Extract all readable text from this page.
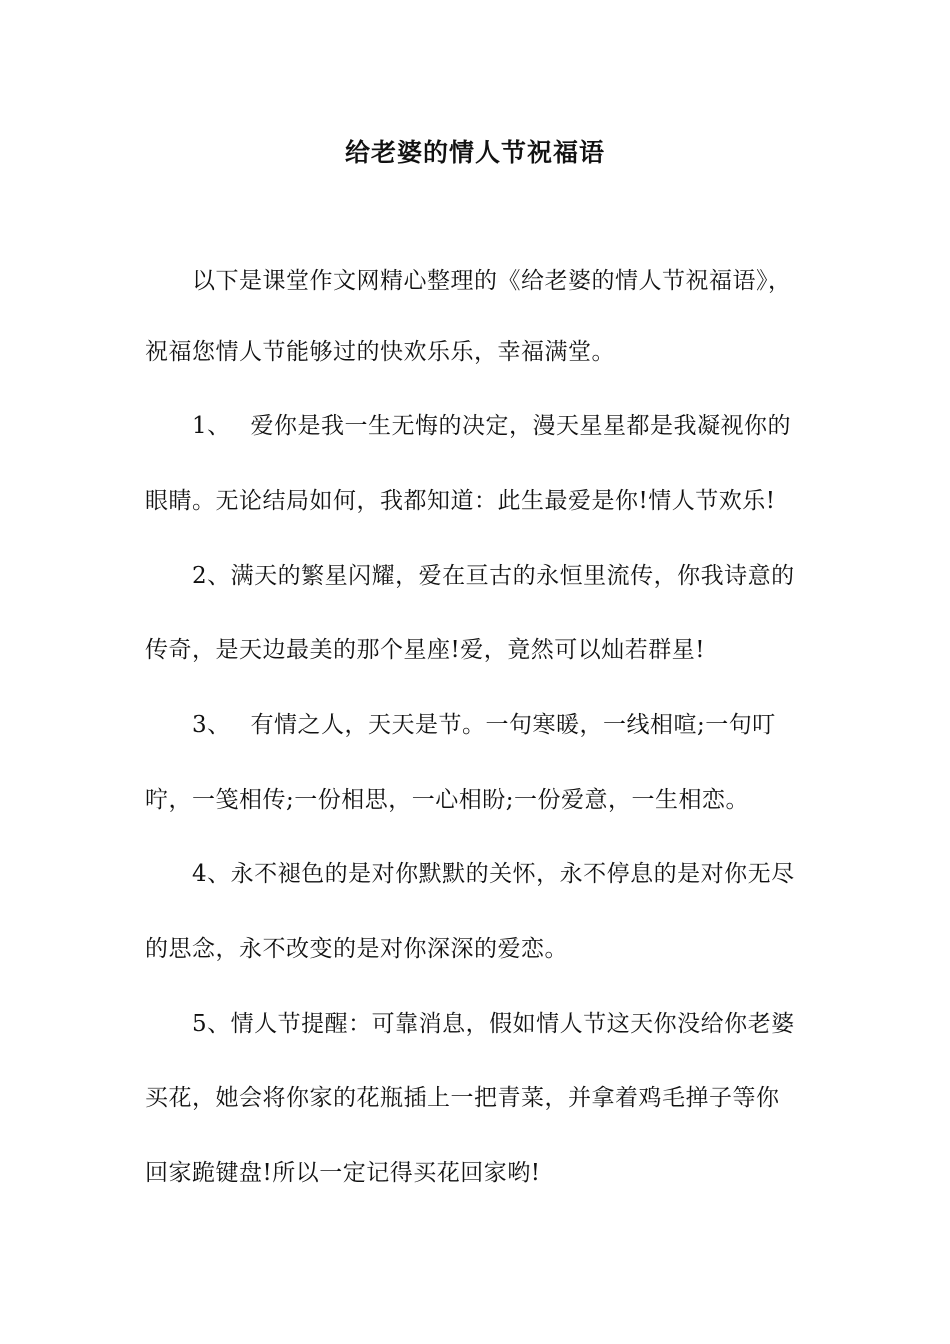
给老婆的情人节祝福语
以下是课堂作文网精心整理的《给老婆的情人节祝福语》，
祝福您情人节能够过的快欢乐乐，幸福满堂。
1、　 爱你是我一生无悔的决定，漫天星星都是我凝视你的
眼睛。无论结局如何，我都知道：此生最爱是你!情人节欢乐!
2、满天的繁星闪耀，爱在亘古的永恒里流传，你我诗意的
传奇，是天边最美的那个星座!爱，竟然可以灿若群星!
3、　 有情之人，天天是节。一句寒暖，一线相喧;一句叮
咛，一笺相传;一份相思，一心相盼;一份爱意，一生相恋。
4、永不褪色的是对你默默的关怀，永不停息的是对你无尽
的思念，永不改变的是对你深深的爱恋。
5、情人节提醒：可靠消息，假如情人节这天你没给你老婆
买花，她会将你家的花瓶插上一把青菜，并拿着鸡毛掸子等你
回家跪键盘!所以一定记得买花回家哟!
